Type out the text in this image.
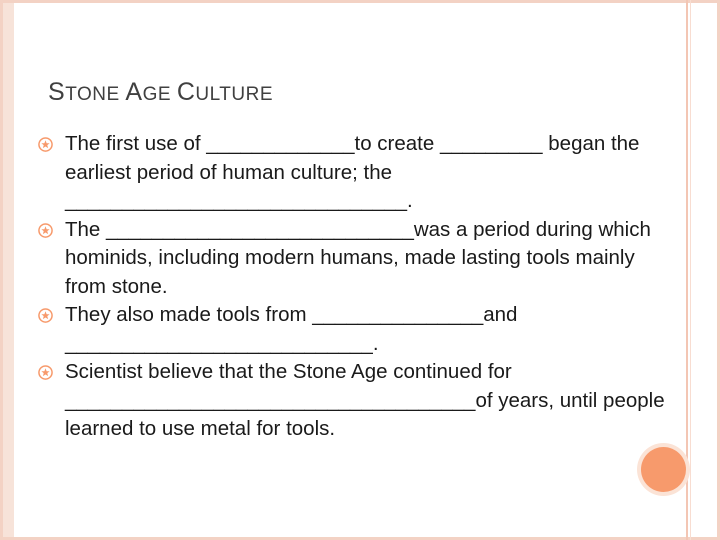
STONE AGE CULTURE
The first use of _____________to create _________ began the earliest period of human culture; the ______________________________.
The ___________________________was a period during which hominids, including modern humans, made lasting tools mainly from stone.
They also made tools from _______________and ___________________________.
Scientist believe that the Stone Age continued for ____________________________________of years, until people learned to use metal for tools.
